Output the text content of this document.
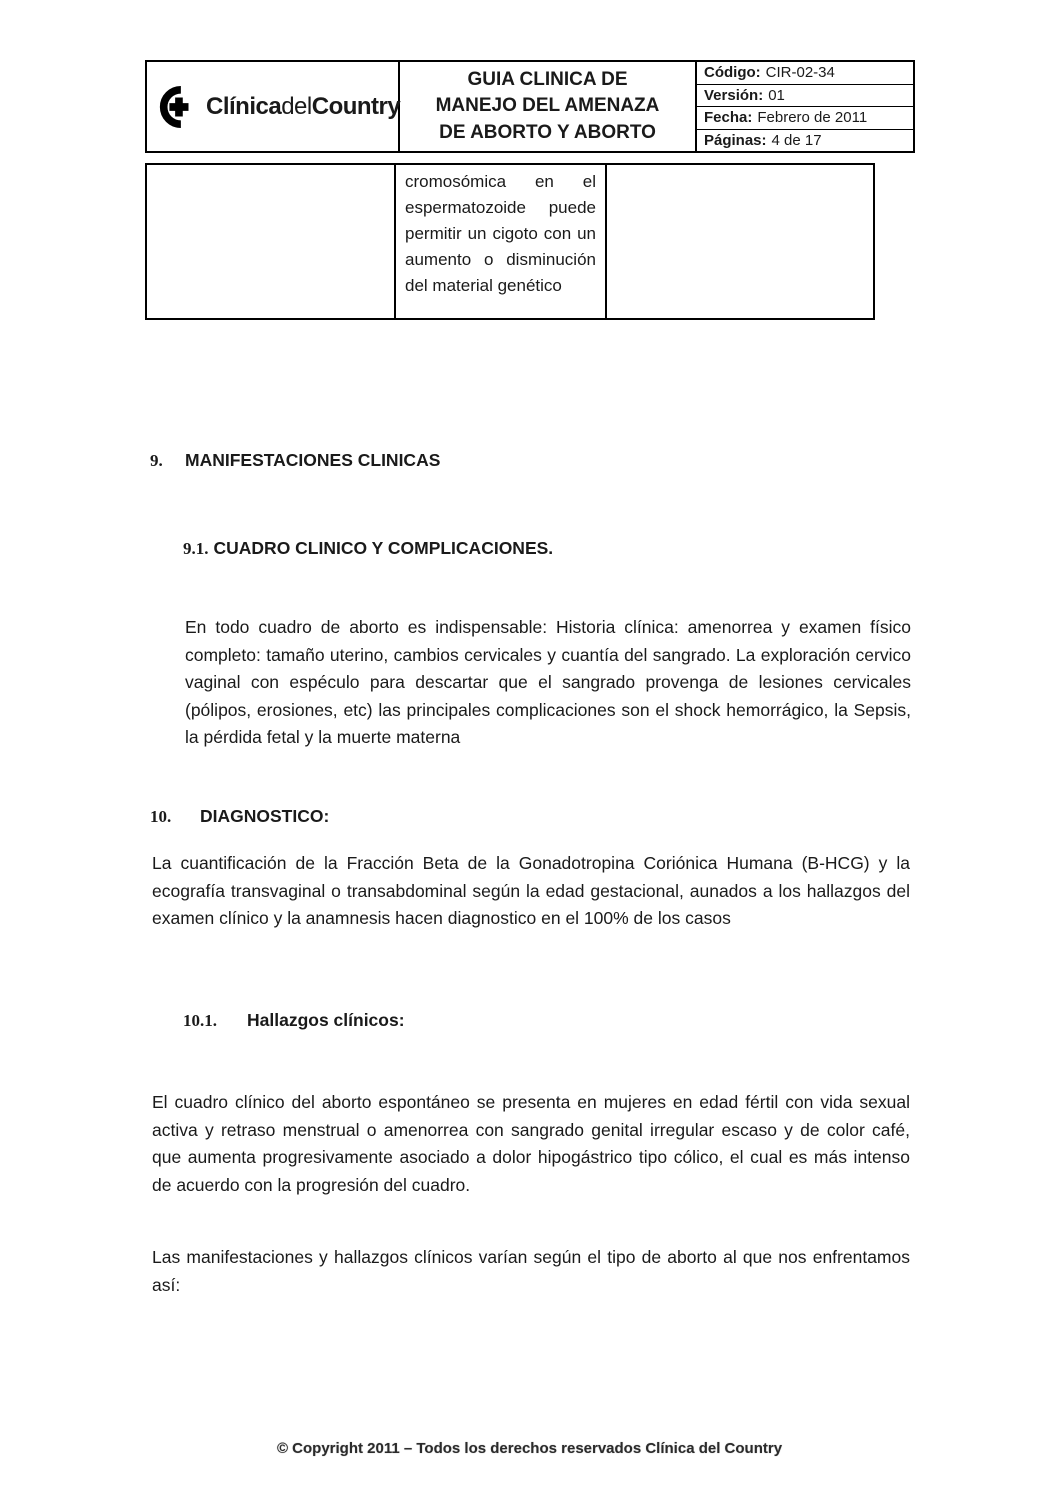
ClínicadelCountry
GUIA CLINICA DE
MANEJO DEL AMENAZA
DE ABORTO Y ABORTO
Código: CIR-02-34
Versión: 01
Fecha: Febrero de 2011
Páginas: 4 de 17
cromosómica en el espermatozoide puede permitir un cigoto con un aumento o disminución del material genético
9.	MANIFESTACIONES CLINICAS
9.1. CUADRO CLINICO Y COMPLICACIONES.
En todo cuadro de aborto es indispensable: Historia clínica: amenorrea y examen físico completo: tamaño uterino, cambios cervicales y cuantía del sangrado. La exploración cervico vaginal con espéculo para descartar que el sangrado provenga de lesiones cervicales (pólipos, erosiones, etc) las principales complicaciones son el shock hemorrágico, la Sepsis, la pérdida fetal y la muerte materna
10.	DIAGNOSTICO:
La cuantificación de la Fracción Beta de la Gonadotropina Coriónica Humana (B-HCG) y la ecografía transvaginal o transabdominal según la edad gestacional, aunados a los hallazgos del examen clínico y la anamnesis hacen diagnostico en el 100% de los casos
10.1.	Hallazgos clínicos:
El cuadro clínico del aborto espontáneo se presenta en mujeres en edad fértil con vida sexual activa y retraso menstrual o amenorrea con sangrado genital irregular escaso y de color café, que aumenta progresivamente asociado a dolor hipogástrico tipo cólico, el cual es más intenso de acuerdo con la progresión del cuadro.
Las manifestaciones y hallazgos clínicos varían según el tipo de aborto al que nos enfrentamos así:
© Copyright 2011 – Todos los derechos reservados Clínica del Country
